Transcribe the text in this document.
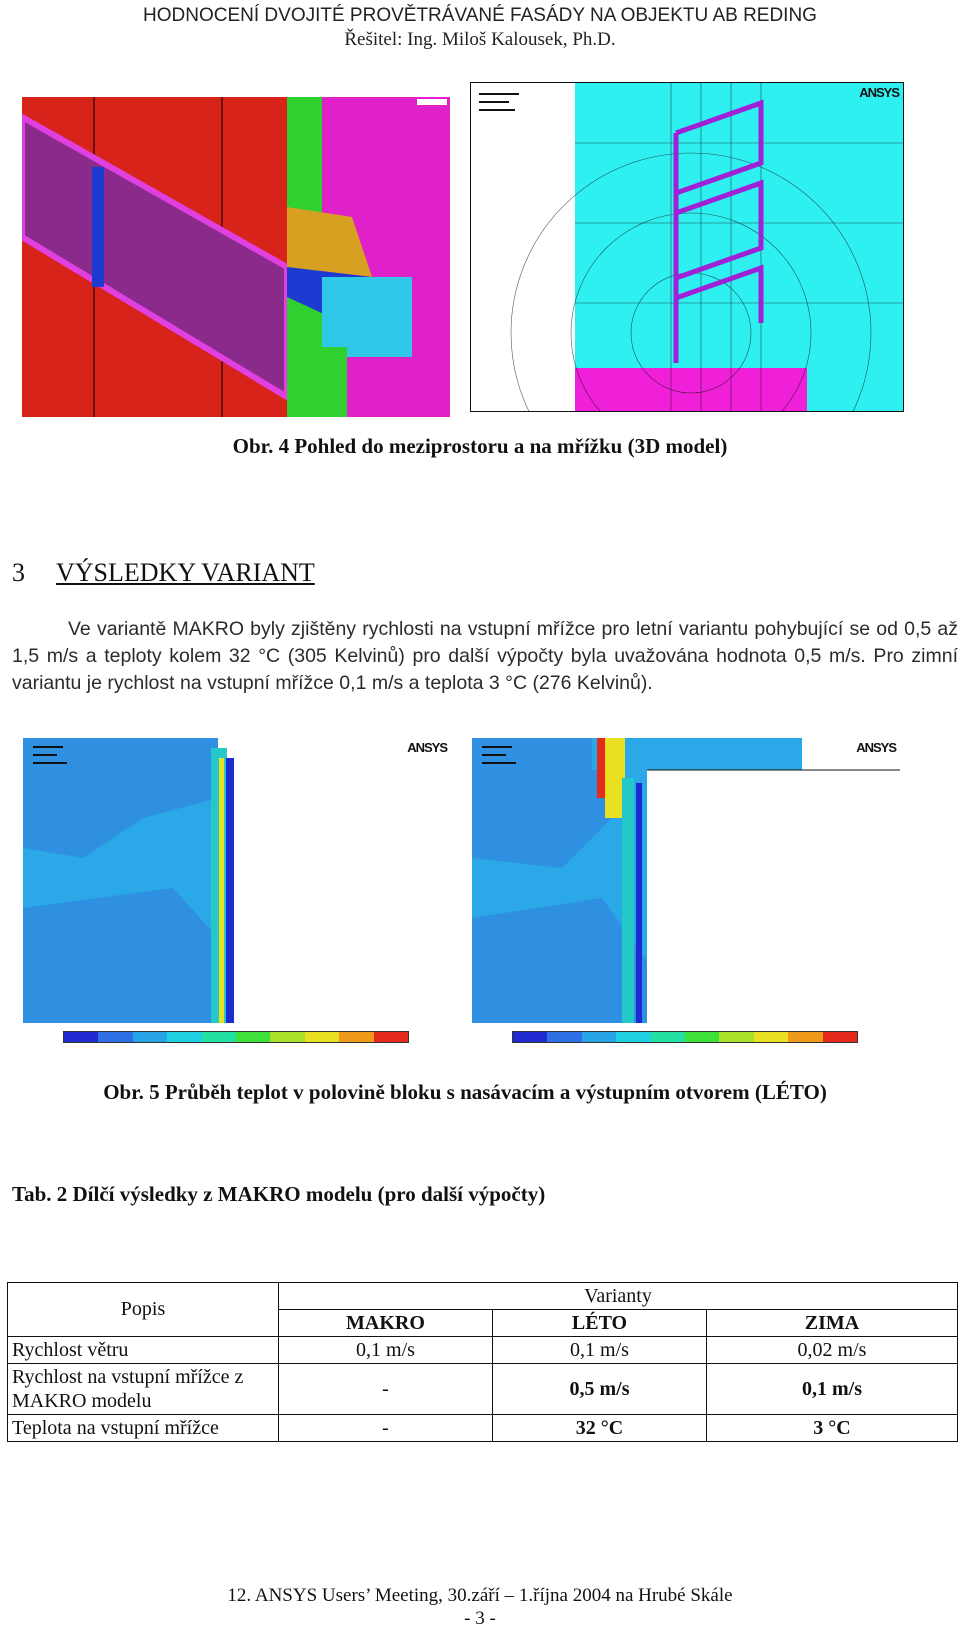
HODNOCENÍ DVOJITÉ PROVĚTRÁVANÉ FASÁDY NA OBJEKTU AB REDING
Řešitel: Ing. Miloš Kalousek, Ph.D.
ANSYS
Obr. 4 Pohled do meziprostoru a na mřížku (3D model)
3 VÝSLEDKY VARIANT
Ve variantě MAKRO byly zjištěny rychlosti na vstupní mřížce pro letní variantu pohybující se od 0,5 až 1,5 m/s a teploty kolem 32 °C (305 Kelvinů) pro další výpočty byla uvažována hodnota 0,5 m/s. Pro zimní variantu je rychlost na vstupní mřížce 0,1 m/s a teplota 3 °C (276 Kelvinů).
ANSYS	ANSYS
Obr. 5 Průběh teplot v polovině bloku s nasávacím a výstupním otvorem (LÉTO)
Tab. 2 Dílčí výsledky z MAKRO modelu (pro další výpočty)
Popis	Varianty		
	MAKRO	LÉTO	ZIMA
Rychlost větru	0,1 m/s	0,1 m/s	0,02 m/s
Rychlost na vstupní mřížce z MAKRO modelu	-	0,5 m/s	0,1 m/s
Teplota na vstupní mřížce	-	32 °C	3 °C
12. ANSYS Users’ Meeting, 30.září – 1.října 2004 na Hrubé Skále
- 3 -
